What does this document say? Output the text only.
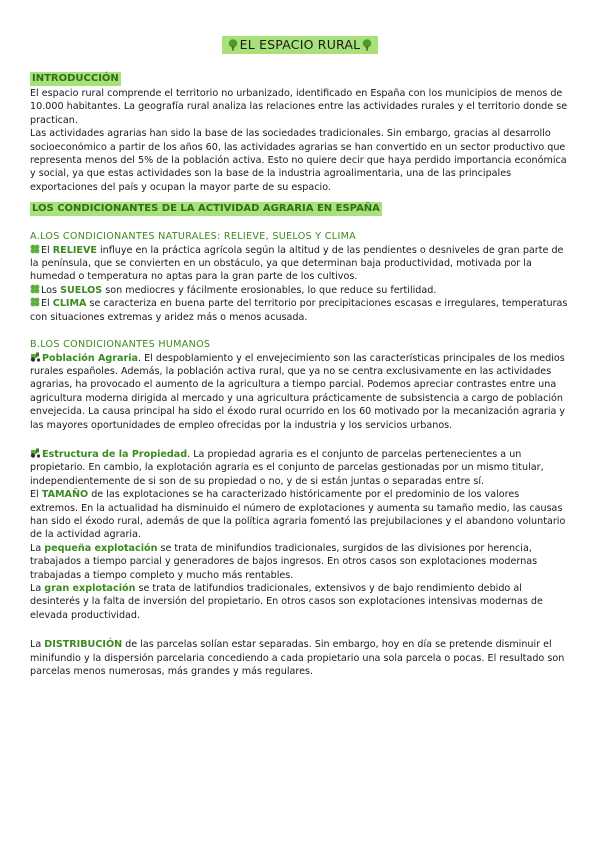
EL ESPACIO RURAL
INTRODUCCIÓN

El espacio rural comprende el territorio no urbanizado, identificado en España con los municipios de menos de 10.000 habitantes. La geografía rural analiza las relaciones entre las actividades rurales y el territorio donde se practican.

Las actividades agrarias han sido la base de las sociedades tradicionales. Sin embargo, gracias al desarrollo socioeconómico a partir de los años 60, las actividades agrarias se han convertido en un sector productivo que representa menos del 5% de la población activa. Esto no quiere decir que haya perdido importancia económica y social, ya que estas actividades son la base de la industria agroalimentaria, una de las principales exportaciones del país y ocupan la mayor parte de su espacio.

LOS CONDICIONANTES DE LA ACTIVIDAD AGRARIA EN ESPAÑA

A.LOS CONDICIONANTES NATURALES: RELIEVE, SUELOS Y CLIMA

El RELIEVE influye en la práctica agrícola según la altitud y de las pendientes o desniveles de gran parte de la península, que se convierten en un obstáculo, ya que determinan baja productividad, motivada por la humedad o temperatura no aptas para la gran parte de los cultivos.

Los SUELOS son mediocres y fácilmente erosionables, lo que reduce su fertilidad.

El CLIMA se caracteriza en buena parte del territorio por precipitaciones escasas e irregulares, temperaturas con situaciones extremas y aridez más o menos acusada.

B.LOS CONDICIONANTES HUMANOS

Población Agraria. El despoblamiento y el envejecimiento son las características principales de los medios rurales españoles. Además, la población activa rural, que ya no se centra exclusivamente en las actividades agrarias, ha provocado el aumento de la agricultura a tiempo parcial. Podemos apreciar contrastes entre una agricultura moderna dirigida al mercado y una agricultura prácticamente de subsistencia a cargo de población envejecida. La causa principal ha sido el éxodo rural ocurrido en los 60 motivado por la mecanización agraria y las mayores oportunidades de empleo ofrecidas por la industria y los servicios urbanos.

Estructura de la Propiedad. La propiedad agraria es el conjunto de parcelas pertenecientes a un propietario. En cambio, la explotación agraria es el conjunto de parcelas gestionadas por un mismo titular, independientemente de si son de su propiedad o no, y de si están juntas o separadas entre sí.

El TAMAÑO de las explotaciones se ha caracterizado históricamente por el predominio de los valores extremos. En la actualidad ha disminuido el número de explotaciones y aumenta su tamaño medio, las causas han sido el éxodo rural, además de que la política agraria fomentó las prejubilaciones y el abandono voluntario de la actividad agraria.

La pequeña explotación se trata de minifundios tradicionales, surgidos de las divisiones por herencia, trabajados a tiempo parcial y generadores de bajos ingresos. En otros casos son explotaciones modernas trabajadas a tiempo completo y mucho más rentables.

La gran explotación se trata de latifundios tradicionales, extensivos y de bajo rendimiento debido al desinterés y la falta de inversión del propietario. En otros casos son explotaciones intensivas modernas de elevada productividad.

La DISTRIBUCIÓN de las parcelas solían estar separadas. Sin embargo, hoy en día se pretende disminuir el minifundio y la dispersión parcelaria concediendo a cada propietario una sola parcela o pocas. El resultado son parcelas menos numerosas, más grandes y más regulares.
